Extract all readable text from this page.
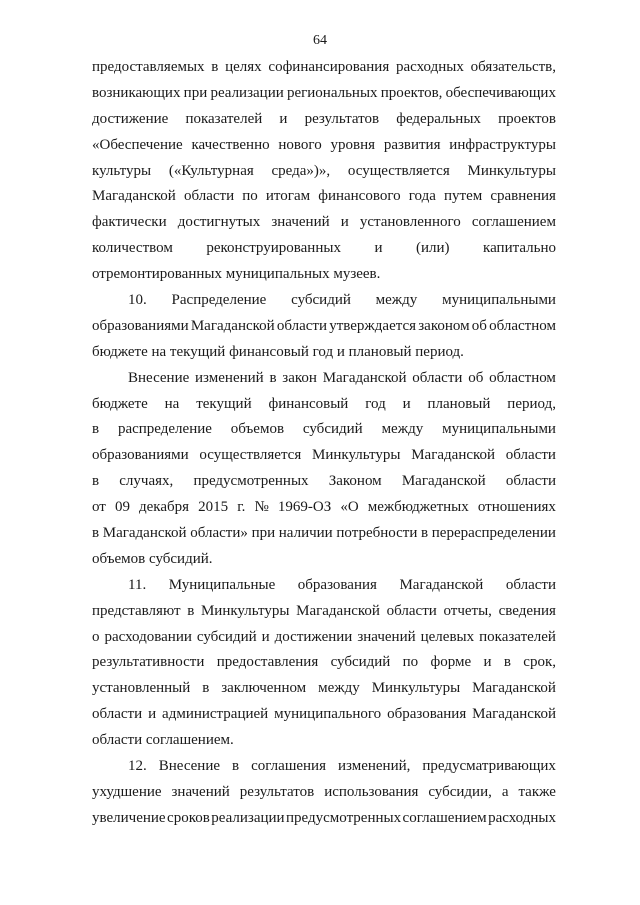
64
предоставляемых в целях софинансирования расходных обязательств,
возникающих при реализации региональных проектов, обеспечивающих
достижение показателей и результатов федеральных проектов
«Обеспечение качественно нового уровня развития инфраструктуры
культуры («Культурная среда»)», осуществляется Минкультуры
Магаданской области по итогам финансового года путем сравнения
фактически достигнутых значений и установленного соглашением
количеством реконструированных и (или) капитально
отремонтированных муниципальных музеев.
10. Распределение субсидий между муниципальными
образованиями Магаданской области утверждается законом об областном
бюджете на текущий финансовый год и плановый период.
Внесение изменений в закон Магаданской области об областном
бюджете на текущий финансовый год и плановый период,
в распределение объемов субсидий между муниципальными
образованиями осуществляется Минкультуры Магаданской области
в случаях, предусмотренных Законом Магаданской области
от 09 декабря 2015 г. № 1969-ОЗ «О межбюджетных отношениях
в Магаданской области» при наличии потребности в перераспределении
объемов субсидий.
11. Муниципальные образования Магаданской области
представляют в Минкультуры Магаданской области отчеты, сведения
о расходовании субсидий и достижении значений целевых показателей
результативности предоставления субсидий по форме и в срок,
установленный в заключенном между Минкультуры Магаданской
области и администрацией муниципального образования Магаданской
области соглашением.
12. Внесение в соглашения изменений, предусматривающих
ухудшение значений результатов использования субсидии, а также
увеличение сроков реализации предусмотренных соглашением расходных
